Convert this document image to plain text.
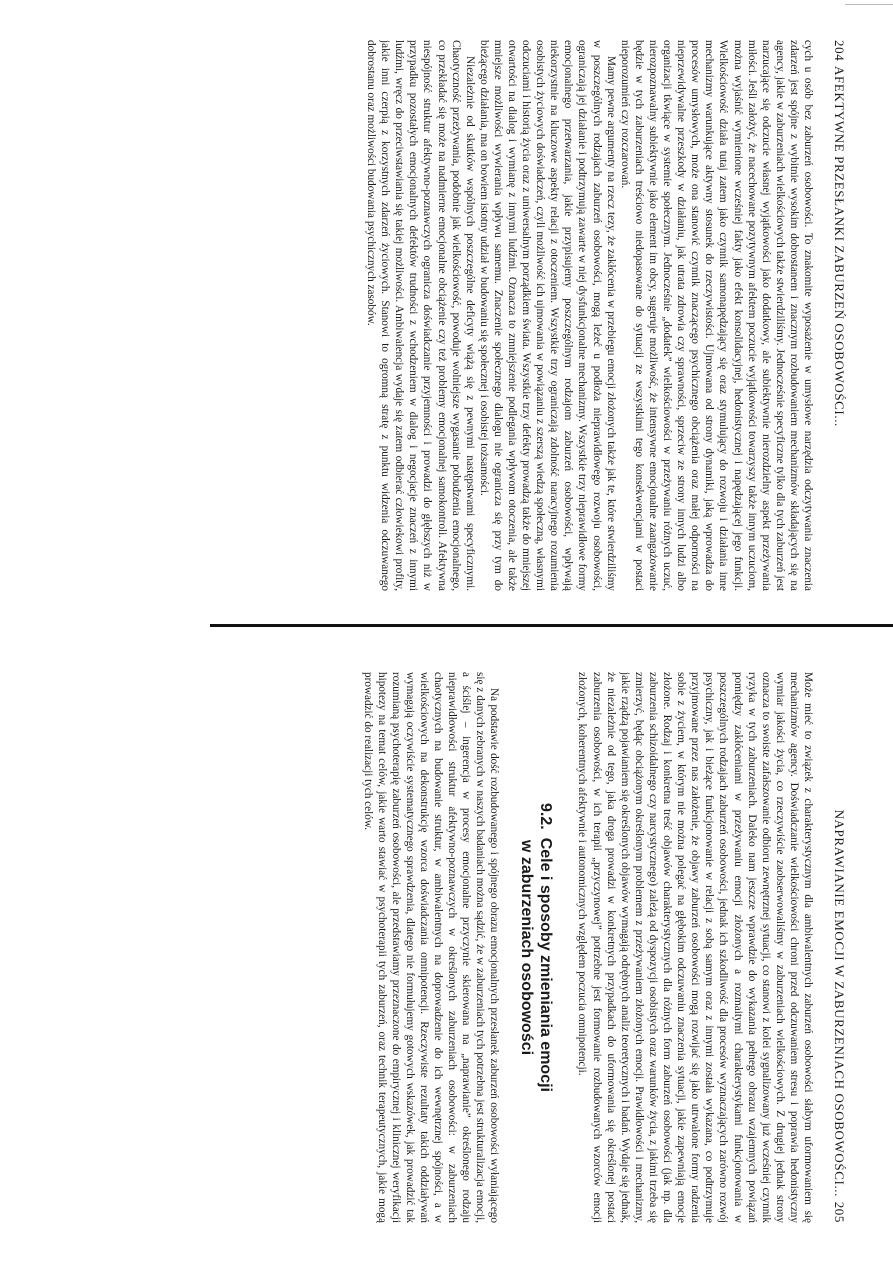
204
AFEKTYWNE PRZESŁANKI ZABURZEŃ OSOBOWOŚCI...

cych u osób bez zaburzeń osobowości. To znakomite wyposażenie w umysłowe narzędzia odczytywania znaczenia zdarzeń jest spójne z wybitnie wysokim dobrostanem i znacznym rozbudowaniem mechanizmów składających się na agency, jakie w zaburzeniach wielkościowych także stwierdziliśmy. Jednocześnie specyficzne tylko dla tych zaburzeń jest narzucające się odczucie własnej wyjątkowości jako dodatkowy, ale subiektywnie nierozdzielny aspekt przeżywania miłości. Jeśli założyć, że nacechowane pozytywnym afektem poczucie wyjątkowości towarzyszy także innym uczuciom, można wyjaśnić wymienione wcześniej fakty jako efekt konsolidacyjnej, hedonistycznej i napędzającej jego funkcji. Wielkościowość działa tutaj zatem jako czynnik samonapędzający się oraz stymulujący do rozwoju i działania inne mechanizmy warunkujące aktywny stosunek do rzeczywistości. Ujmowana od strony dynamiki, jaką wprowadza do procesów umysłowych, może ona stanowić czynnik znaczącego psychicznego obciążenia oraz małej odporności na nieprzewidywalne przeszkody w działaniu, jak utrata zdrowia czy sprawności, sprzeciw ze strony innych ludzi albo organizacji tkwiące w systemie społecznym. Jednocześnie „dodatek” wielkościowości w przeżywaniu różnych uczuć, nierozpoznawalny subiektywnie jako element im obcy, sugeruje możliwość, że intensywne emocjonalne zaangażowanie będzie w tych zaburzeniach treściowo niedopasowane do sytuacji ze wszystkimi tego konsekwencjami w postaci nieporozumień czy rozczarowań.

Mamy pewne argumenty na rzecz tezy, że zakłócenia w przebiegu emocji złożonych także jak te, które stwierdziliśmy w poszczególnych rodzajach zaburzeń osobowości, mogą leżeć u podłoża nieprawidłowego rozwoju osobowości, ograniczają jej działanie i podtrzymują zawarte w niej dysfunkcjonalne mechanizmy. Wszystkie trzy nieprawidłowe formy emocjonalnego przetwarzania, jakie przypisujemy poszczególnym rodzajom zaburzeń osobowości, wpływają niekorzystnie na kluczowe aspekty relacji z otoczeniem. Wszystkie trzy ograniczają zdolność naracyjnego rozumienia osobistych życiowych doświadczeń, czyli możliwość ich ujmowania w powiązaniu z szerszą wiedzą społeczną, własnymi odczuciami i historią życia oraz z uniwersalnym porządkiem świata. Wszystkie trzy defekty prowadzą także do mniejszej otwartości na dialog i wymianę z innymi ludźmi. Oznacza to zmniejszenie podlegania wpływom otoczenia, ale także mniejsze możliwości wywierania wpływu samemu. Znaczenie społecznego dialogu nie ogranicza się przy tym do bieżącego działania, ma on bowiem istotny udział w budowaniu się społecznej i osobistej tożsamości.

Niezależnie od skutków wspólnych poszczególne deficyty wiążą się z pewnymi następstwami specyficznymi. Chaotyczność przeżywania, podobnie jak wielkościowość, powoduje wolniejsze wygasanie pobudzenia emocjonalnego, co przekładać się może na nadmierne emocjonalne obciążenie czy też problemy emocjonalnej samokontroli. Afektywna niespójność struktur afektywno-poznawczych ogranicza doświadczanie przyjemności i prowadzi do głębszych niż w przypadku pozostałych emocjonalnych defektów trudności z wchodzeniem w dialog i negocjacje znaczeń z innymi ludźmi, wręcz do przeciwstawiania się takiej możliwości. Ambiwalencja wydaje się zatem odbierać człowiekowi profity, jakie inni czerpią z korzystnych zdarzeń życiowych. Stanowi to ogromną stratę z punktu widzenia odczuwanego dobrostanu oraz możliwości budowania psychicznych zasobów.

NAPRAWIANIE EMOCJI W ZABURZENIACH OSOBOWOŚCI...
205

Może mieć to związek z charakterystycznym dla ambiwalentnych zaburzeń osobowości słabym uformowaniem się mechanizmów agency. Doświadczanie wielkościowości chroni przed odczuwaniem stresu i poprawia hedonistyczny wymiar jakości życia, co rzeczywiście zaobserwowaliśmy w zaburzeniach wielkościowych. Z drugiej jednak strony oznacza to swoiste zafałszowanie odbioru zewnętrznej sytuacji, co stanowi z kolei sygnalizowany już wcześniej czynnik ryzyka w tych zaburzeniach. Daleko nam jeszcze wprawdzie do wykazania pełnego obrazu wzajemnych powiązań pomiędzy zakłóceniami w przeżywaniu emocji złożonych a rozmaitymi charakterystykami funkcjonowania w poszczególnych rodzajach zaburzeń osobowości, jednak ich szkodliwość dla procesów wyznaczających zarówno rozwój psychiczny, jak i bieżące funkcjonowanie w relacji z sobą samym oraz z innymi została wykazana, co podtrzymuje przyjmowane przez nas założenie, że objawy zaburzeń osobowości mogą rozwijać się jako utrwalone formy radzenia sobie z życiem, w którym nie można polegać na głębokim odczuwaniu znaczenia sytuacji, jakie zapewniają emocje złożone. Rodzaj i konkretna treść objawów charakterystycznych dla różnych form zaburzeń osobowości (jak np. dla zaburzenia schizoidalnego czy narcystycznego) zależą od dyspozycji osobistych oraz warunków życia, z jakimi trzeba się zmierzyć, będąc obciążonym określonym problemem z przeżywaniem złożonych emocji. Prawidłowości i mechanizmy, jakie rządzą pojawianiem się określonych objawów wymagają odrębnych analiz teoretycznych i badań. Wydaje się jednak, że niezależnie od tego, jaka droga prowadzi w konkretnych przypadkach do uformowania się określonej postaci zaburzenia osobowości, w ich terapii „przyczynowej” potrzebne jest formowanie rozbudowanych wzorców emocji złożonych, koherentnych afektywnie i autonomicznych względem poczucia omnipotencji.

9.2.Cele i sposoby zmieniania emocji
w zaburzeniach osobowości

Na podstawie dość rozbudowanego i spójnego obrazu emocjonalnych przesłanek zaburzeń osobowości wyłaniającego się z danych zebranych w naszych badaniach można sądzić, że w zaburzeniach tych potrzebna jest strukturalizacja emocji, a ściślej – ingerencja w procesy emocjonalne przyczynie skierowana na „naprawianie” określonego rodzaju nieprawidłowości struktur afektywno-poznawczych w określonych zaburzeniach osobowości: w zaburzeniach chaotycznych na budowanie struktur, w ambiwalentnych na doprowadzenie do ich wewnętrznej spójności, a w wielkościowych na dekonstrukcję wzorca doświadczania omnipotencji. Rzeczywiste rezultaty takich oddziaływań wymagają oczywiście systematycznego sprawdzenia, dlatego nie formułujemy gotowych wskazówek, jak prowadzić tak rozumianą psychoterapię zaburzeń osobowości, ale przedstawiamy przeznaczone do empirycznej i klinicznej weryfikacji hipotezy na temat celów, jakie warto stawiać w psychoterapii tych zaburzeń, oraz technik terapeutycznych, jakie mogą prowadzić do realizacji tych celów.
